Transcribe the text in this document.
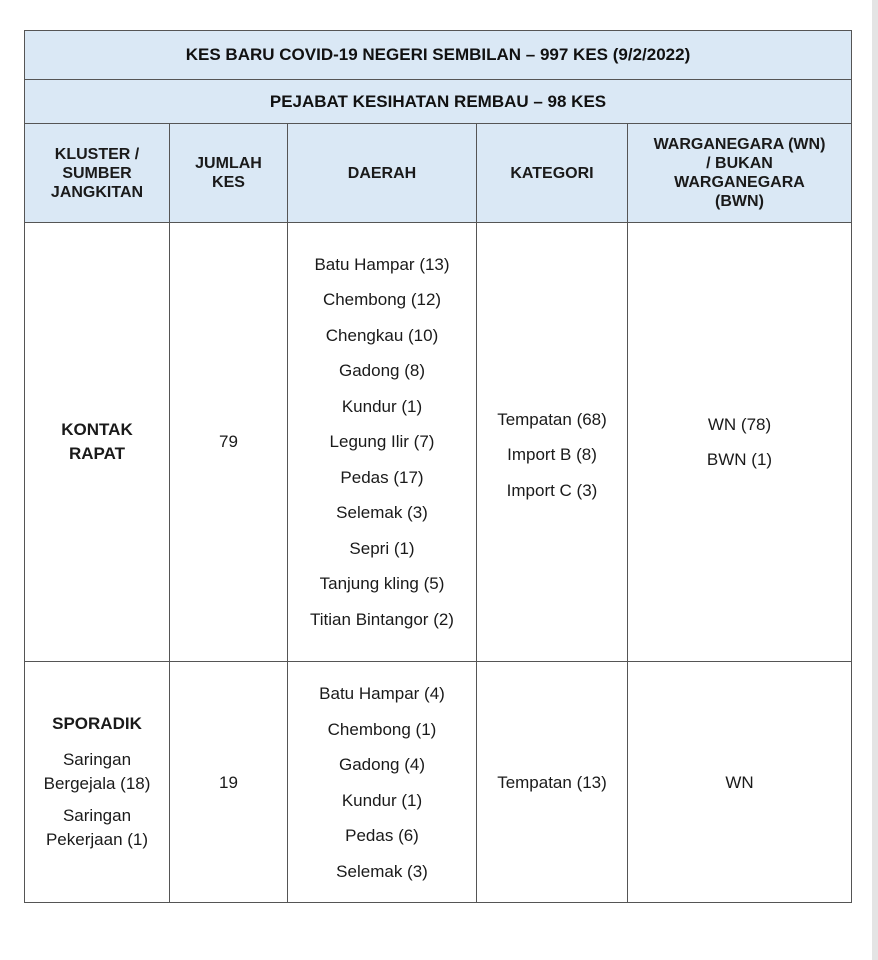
KES BARU COVID-19 NEGERI SEMBILAN – 997 KES (9/2/2022)
PEJABAT KESIHATAN REMBAU – 98 KES
KLUSTER /
SUMBER
JANGKITAN
JUMLAH
KES
DAERAH	KATEGORI
WARGANEGARA (WN)
/ BUKAN
WARGANEGARA
(BWN)
KONTAK
RAPAT
79
Batu Hampar (13)
Chembong (12)
Chengkau (10)
Gadong (8)
Kundur (1)
Legung Ilir (7)
Pedas (17)
Selemak (3)
Sepri (1)
Tanjung kling (5)
Titian Bintangor (2)
Tempatan (68)
Import B (8)
Import C (3)
WN (78)
BWN (1)
SPORADIK
Saringan
Bergejala (18)
Saringan
Pekerjaan (1)
19
Batu Hampar (4)
Chembong (1)
Gadong (4)
Kundur (1)
Pedas (6)
Selemak (3)
Tempatan (13)	WN
